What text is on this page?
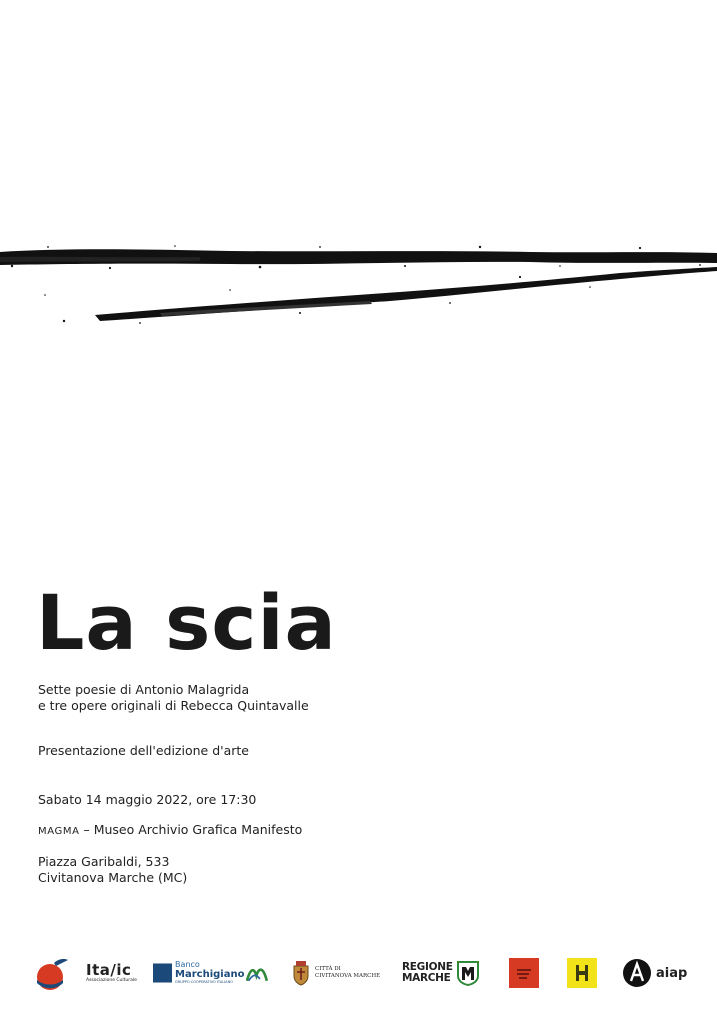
La scia
Sette poesie di Antonio Malagrida
e tre opere originali di Rebecca Quintavalle
Presentazione dell'edizione d'arte
Sabato 14 maggio 2022, ore 17:30
MAGMA – Museo Archivio Grafica Manifesto
Piazza Garibaldi, 533
Civitanova Marche (MC)
Ita/ic
Associazione Culturale
Banco
Marchigiano
GRUPPO COOPERATIVO ITALIANO
CITTÀ DI
CIVITANOVA MARCHE
REGIONE
MARCHE	aiap
